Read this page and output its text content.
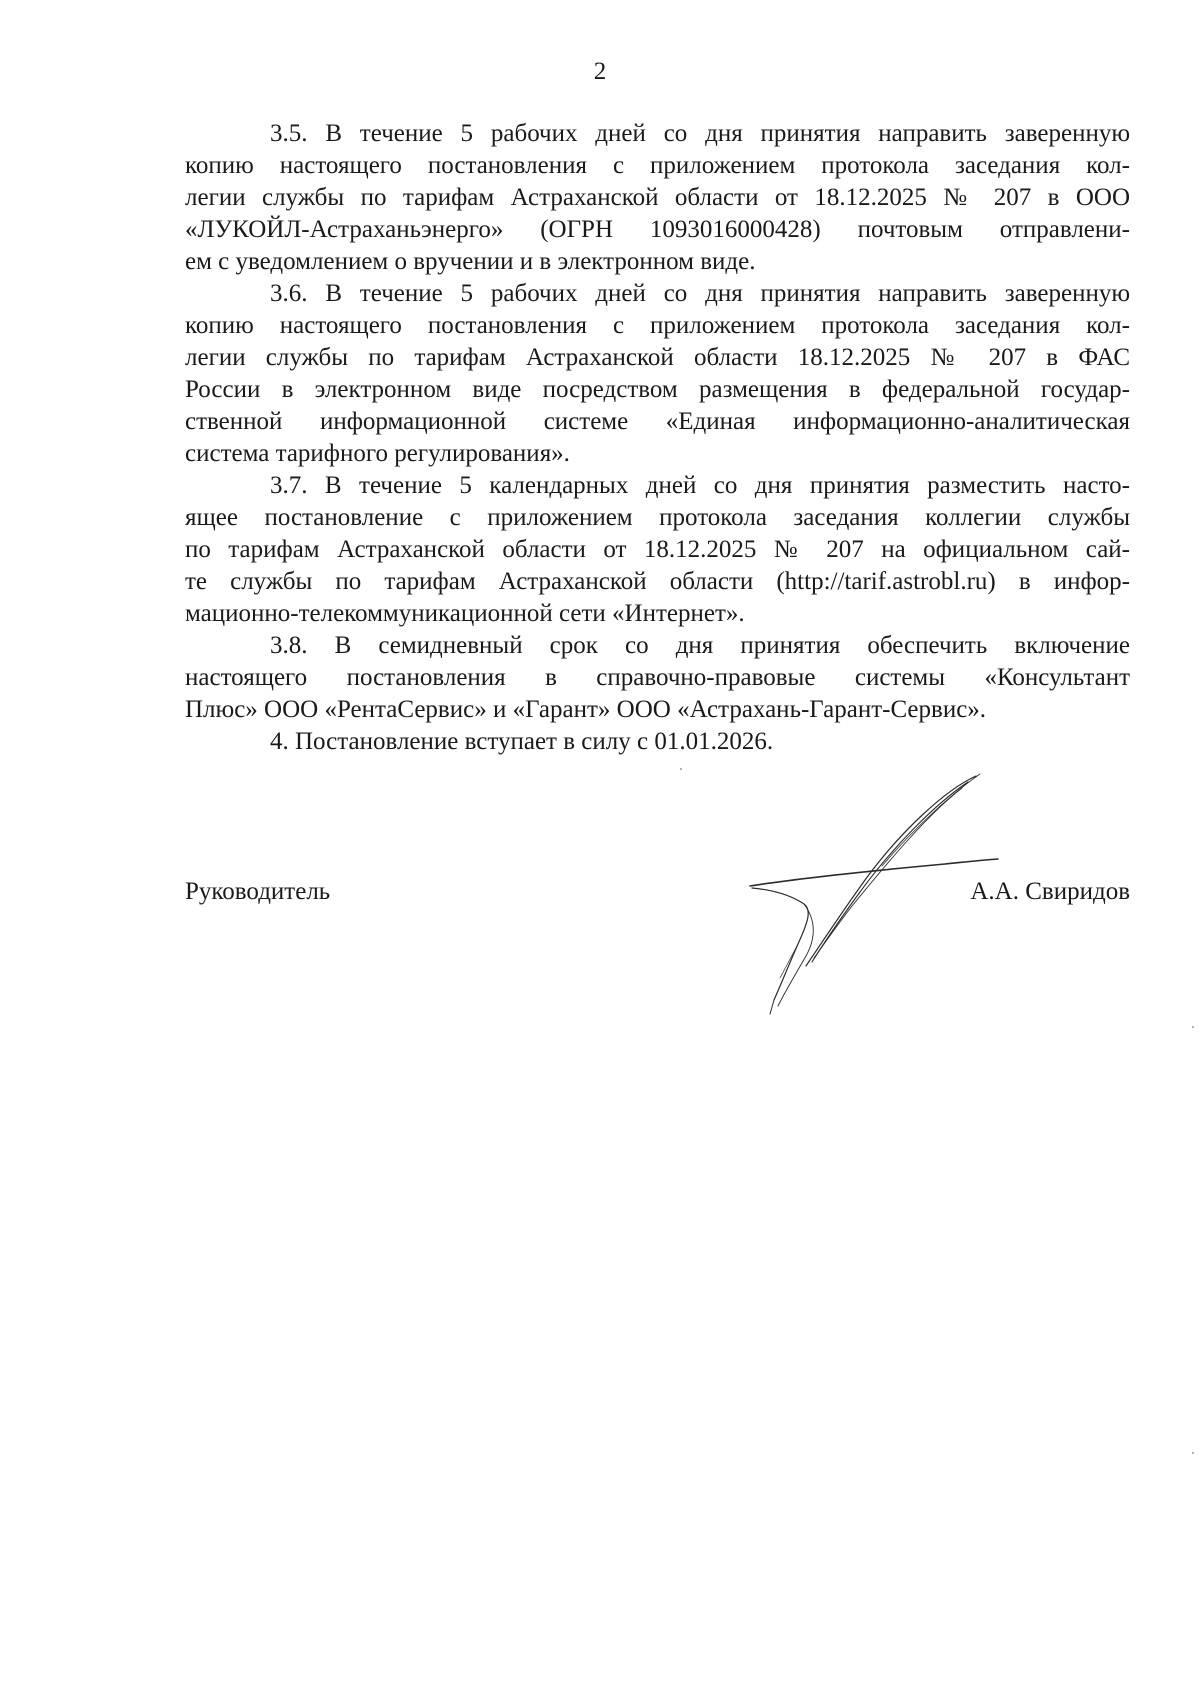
2

3.5. В течение 5 рабочих дней со дня принятия направить заверенную
копию настоящего постановления с приложением протокола заседания кол-
легии службы по тарифам Астраханской области от 18.12.2025 № 207 в ООО
«ЛУКОЙЛ-Астраханьэнерго» (ОГРН 1093016000428) почтовым отправлени-
ем с уведомлением о вручении и в электронном виде.

3.6. В течение 5 рабочих дней со дня принятия направить заверенную
копию настоящего постановления с приложением протокола заседания кол-
легии службы по тарифам Астраханской области 18.12.2025 № 207 в ФАС
России в электронном виде посредством размещения в федеральной государ-
ственной информационной системе «Единая информационно-аналитическая
система тарифного регулирования».

3.7. В течение 5 календарных дней со дня принятия разместить насто-
ящее постановление с приложением протокола заседания коллегии службы
по тарифам Астраханской области от 18.12.2025 № 207 на официальном сай-
те службы по тарифам Астраханской области (http://tarif.astrobl.ru) в инфор-
мационно-телекоммуникационной сети «Интернет».

3.8. В семидневный срок со дня принятия обеспечить включение
настоящего постановления в справочно-правовые системы «Консультант
Плюс» ООО «РентаСервис» и «Гарант» ООО «Астрахань-Гарант-Сервис».

4. Постановление вступает в силу с 01.01.2026.

Руководитель	А.А. Свиридов
